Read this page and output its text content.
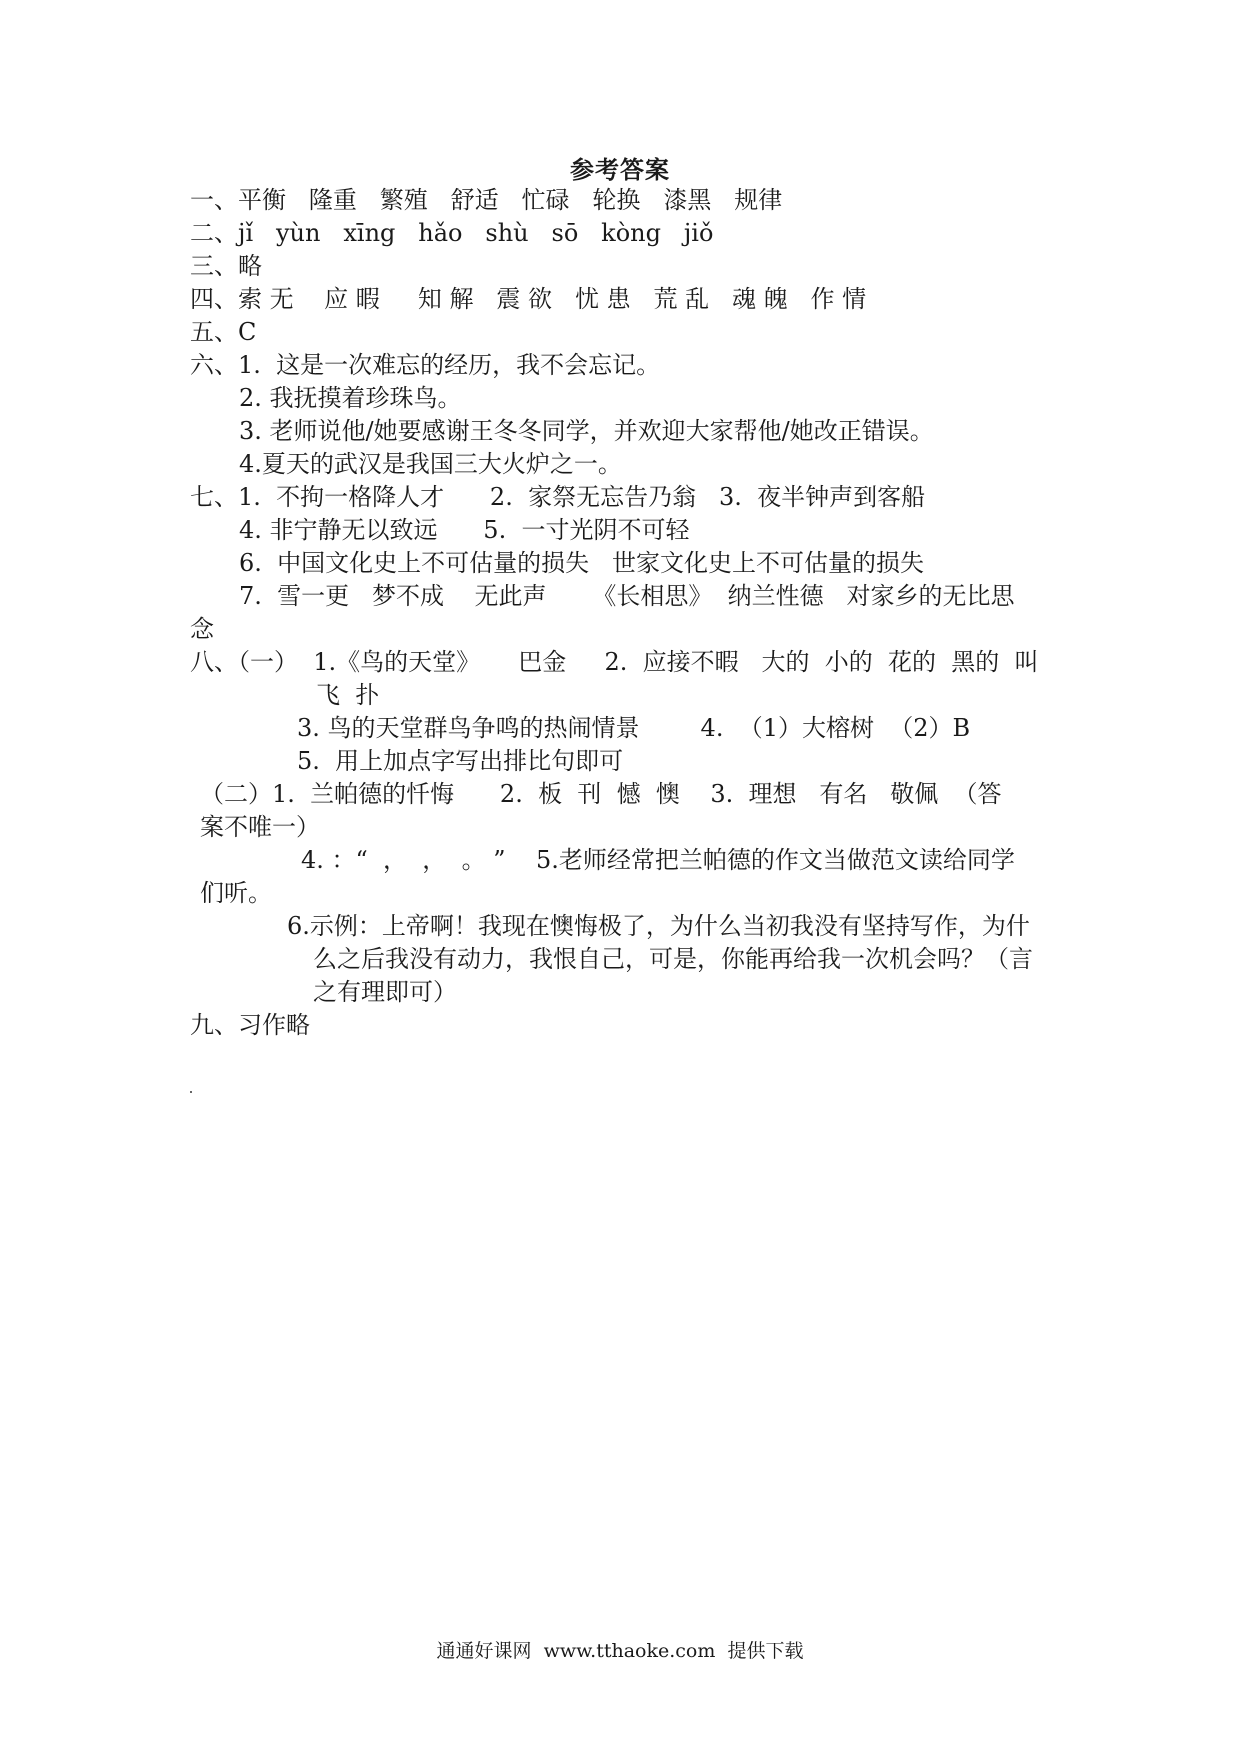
参考答案
一、平衡   隆重   繁殖   舒适   忙碌   轮换   漆黑   规律
二、jǐ   yùn   xīng   hǎo   shù   sō   kòng   jiǒ
三、略
四、索 无    应 暇     知 解   震 欲   忧 患   荒 乱   魂 魄   作 情
五、C
六、1.  这是一次难忘的经历，我不会忘记。
2. 我抚摸着珍珠鸟。
3. 老师说他/她要感谢王冬冬同学，并欢迎大家帮他/她改正错误。
4.夏天的武汉是我国三大火炉之一。
七、1.  不拘一格降人才      2.  家祭无忘告乃翁   3.  夜半钟声到客船
4. 非宁静无以致远      5.  一寸光阴不可轻
6.  中国文化史上不可估量的损失   世家文化史上不可估量的损失
7.  雪一更   梦不成    无此声      《长相思》  纳兰性德   对家乡的无比思
念
八、（一）  1.《鸟的天堂》     巴金     2.  应接不暇   大的  小的  花的  黑的  叫
飞  扑
3. 鸟的天堂群鸟争鸣的热闹情景        4.  （1）大榕树  （2）B
5.  用上加点字写出排比句即可
（二）1.  兰帕德的忏悔      2.  板  刊  憾  懊    3.  理想   有名   敬佩  （答
案不唯一）
4. ：“  ，  ，  。 ”    5.老师经常把兰帕德的作文当做范文读给同学
们听。
6.示例：上帝啊！我现在懊悔极了，为什么当初我没有坚持写作，为什
么之后我没有动力，我恨自己，可是，你能再给我一次机会吗？（言
之有理即可）
九、习作略
通通好课网  www.tthaoke.com  提供下载
